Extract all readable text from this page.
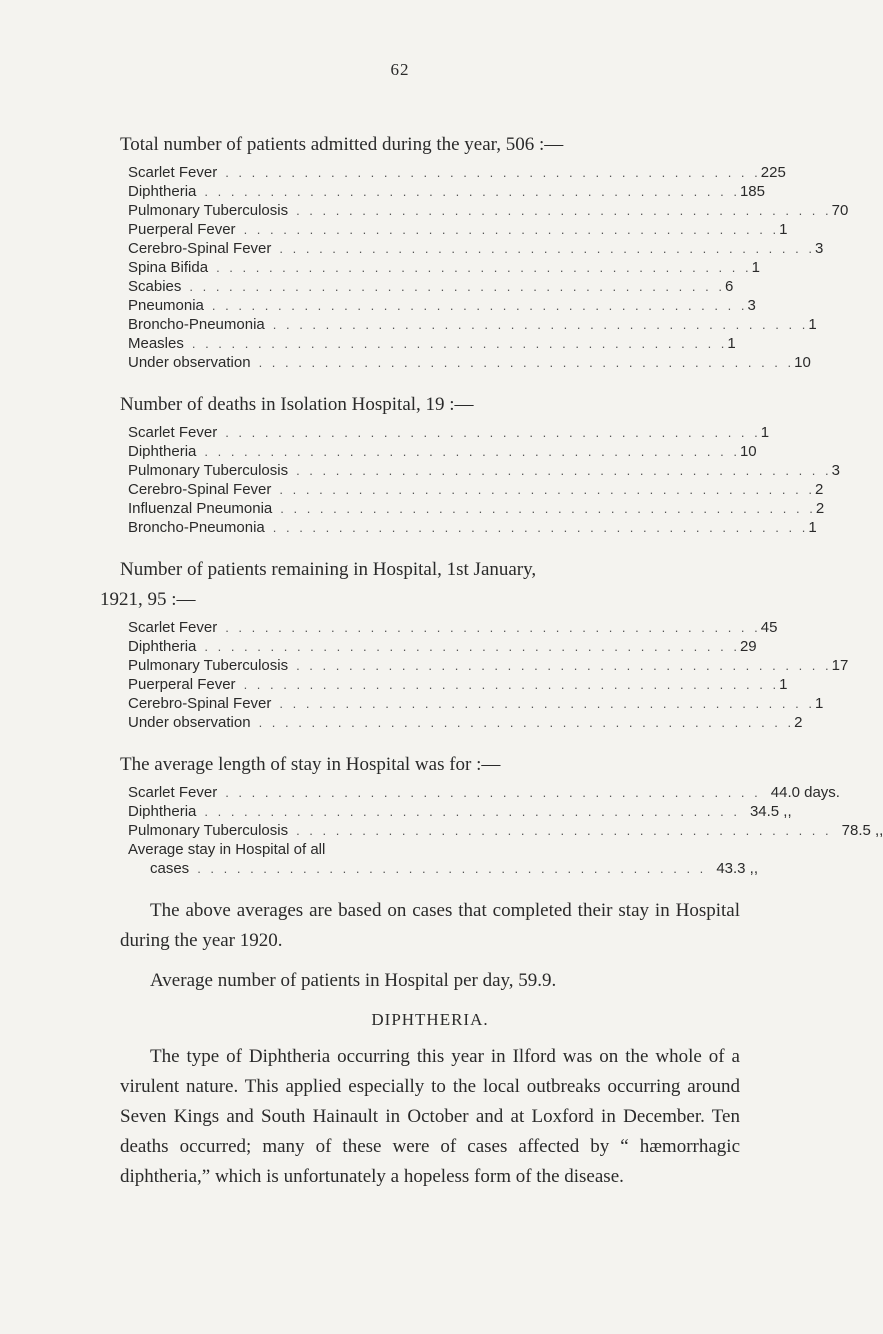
62

Total number of patients admitted during the year, 506 :—

Scarlet Fever . . . . . . . . . . . . . . . . . . . . . . . . . . . . . . . . . . . . . . . . . 225
Diphtheria . . . . . . . . . . . . . . . . . . . . . . . . . . . . . . . . . . . . . . . . . 185
Pulmonary Tuberculosis . . . . . . . . . . . . . . . . . . . . . . . . . . . . . . . . . . . . . . . . . 70
Puerperal Fever . . . . . . . . . . . . . . . . . . . . . . . . . . . . . . . . . . . . . . . . . 1
Cerebro-Spinal Fever . . . . . . . . . . . . . . . . . . . . . . . . . . . . . . . . . . . . . . . . . 3
Spina Bifida . . . . . . . . . . . . . . . . . . . . . . . . . . . . . . . . . . . . . . . . . 1
Scabies . . . . . . . . . . . . . . . . . . . . . . . . . . . . . . . . . . . . . . . . . 6
Pneumonia . . . . . . . . . . . . . . . . . . . . . . . . . . . . . . . . . . . . . . . . . 3
Broncho-Pneumonia . . . . . . . . . . . . . . . . . . . . . . . . . . . . . . . . . . . . . . . . . 1
Measles . . . . . . . . . . . . . . . . . . . . . . . . . . . . . . . . . . . . . . . . . 1
Under observation . . . . . . . . . . . . . . . . . . . . . . . . . . . . . . . . . . . . . . . . . 10

Number of deaths in Isolation Hospital, 19 :—

Scarlet Fever . . . . . . . . . . . . . . . . . . . . . . . . . . . . . . . . . . . . . . . . . 1
Diphtheria . . . . . . . . . . . . . . . . . . . . . . . . . . . . . . . . . . . . . . . . . 10
Pulmonary Tuberculosis . . . . . . . . . . . . . . . . . . . . . . . . . . . . . . . . . . . . . . . . . 3
Cerebro-Spinal Fever . . . . . . . . . . . . . . . . . . . . . . . . . . . . . . . . . . . . . . . . . 2
Influenzal Pneumonia . . . . . . . . . . . . . . . . . . . . . . . . . . . . . . . . . . . . . . . . . 2
Broncho-Pneumonia . . . . . . . . . . . . . . . . . . . . . . . . . . . . . . . . . . . . . . . . . 1

Number of patients remaining in Hospital, 1st January,

1921, 95 :—

Scarlet Fever . . . . . . . . . . . . . . . . . . . . . . . . . . . . . . . . . . . . . . . . . 45
Diphtheria . . . . . . . . . . . . . . . . . . . . . . . . . . . . . . . . . . . . . . . . . 29
Pulmonary Tuberculosis . . . . . . . . . . . . . . . . . . . . . . . . . . . . . . . . . . . . . . . . . 17
Puerperal Fever . . . . . . . . . . . . . . . . . . . . . . . . . . . . . . . . . . . . . . . . . 1
Cerebro-Spinal Fever . . . . . . . . . . . . . . . . . . . . . . . . . . . . . . . . . . . . . . . . . 1
Under observation . . . . . . . . . . . . . . . . . . . . . . . . . . . . . . . . . . . . . . . . . 2

The average length of stay in Hospital was for :—

Scarlet Fever . . . . . . . . . . . . . . . . . . . . . . . . . . . . . . . . . . . . . . . . . 44.0 days.
Diphtheria . . . . . . . . . . . . . . . . . . . . . . . . . . . . . . . . . . . . . . . . . 34.5 ,,
Pulmonary Tuberculosis . . . . . . . . . . . . . . . . . . . . . . . . . . . . . . . . . . . . . . . . . 78.5 ,,
Average stay in Hospital of all
cases . . . . . . . . . . . . . . . . . . . . . . . . . . . . . . . . . . . . . . . 43.3 ,,

The above averages are based on cases that completed their stay in Hospital during the year 1920.

Average number of patients in Hospital per day, 59.9.

DIPHTHERIA.

The type of Diphtheria occurring this year in Ilford was on the whole of a virulent nature. This applied especially to the local outbreaks occurring around Seven Kings and South Hainault in October and at Loxford in December. Ten deaths occurred; many of these were of cases affected by “ hæmorrhagic diphtheria,” which is unfortunately a hopeless form of the disease.
